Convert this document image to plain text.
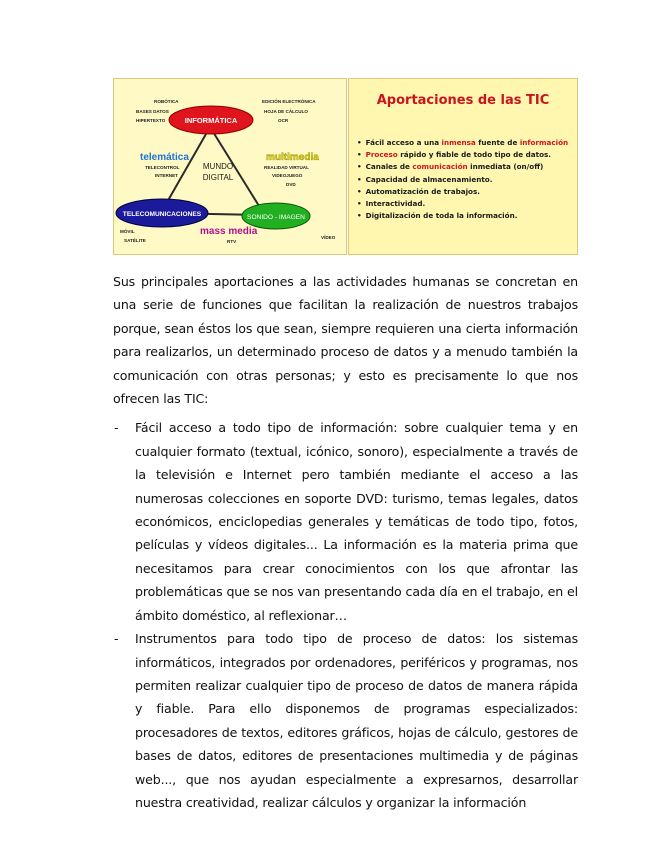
INFORMÁTICA
TELECOMUNICACIONES	SONIDO - IMAGEN
MUNDO
DIGITAL
telemática	multimedia
mass media
ROBÓTICA
BASES DATOS
HIPERTEXTO
EDICIÓN ELECTRÓNICA
HOJA DE CÁLCULO
OCR
TELECONTROL
INTERNET
REALIDAD VIRTUAL
VIDEOJUEGO
DVD
MÓVIL
SATÉLITE	RTV
VÍDEO
Aportaciones de las TIC
• Fácil acceso a una inmensa fuente de información
• Proceso rápido y fiable de todo tipo de datos.
• Canales de comunicación inmediata (on/off)
• Capacidad de almacenamiento.
• Automatización de trabajos.
• Interactividad.
• Digitalización de toda la información.

Sus principales aportaciones a las actividades humanas se concretan en una serie de funciones que facilitan la realización de nuestros trabajos porque, sean éstos los que sean, siempre requieren una cierta información para realizarlos, un determinado proceso de datos y a menudo también la comunicación con otras personas; y esto es precisamente lo que nos ofrecen las TIC:

- Fácil acceso a todo tipo de información: sobre cualquier tema y en cualquier formato (textual, icónico, sonoro), especialmente a través de la televisión e Internet pero también mediante el acceso a las numerosas colecciones en soporte DVD: turismo, temas legales, datos económicos, enciclopedias generales y temáticas de todo tipo, fotos, películas y vídeos digitales... La información es la materia prima que necesitamos para crear conocimientos con los que afrontar las problemáticas que se nos van presentando cada día en el trabajo, en el ámbito doméstico, al reflexionar…
- Instrumentos para todo tipo de proceso de datos: los sistemas informáticos, integrados por ordenadores, periféricos y programas, nos permiten realizar cualquier tipo de proceso de datos de manera rápida y fiable. Para ello disponemos de programas especializados: procesadores de textos, editores gráficos, hojas de cálculo, gestores de bases de datos, editores de presentaciones multimedia y de páginas web..., que nos ayudan especialmente a expresarnos, desarrollar nuestra creatividad, realizar cálculos y organizar la información
